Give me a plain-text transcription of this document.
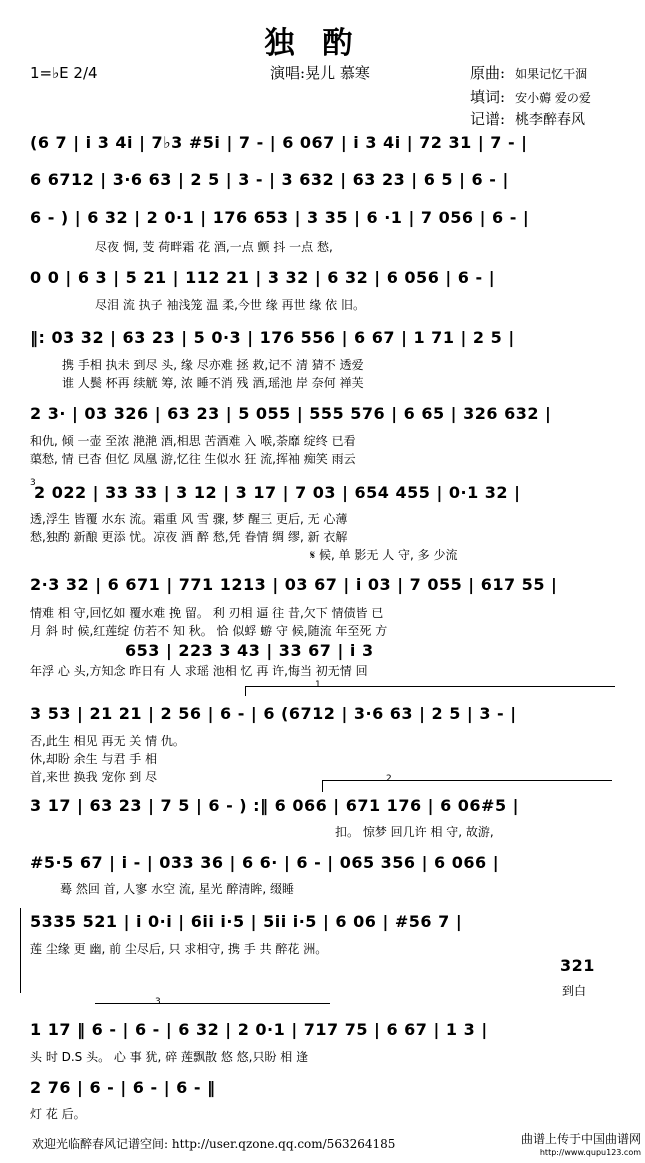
独酌
1=♭E 2/4	演唱:晃儿 慕寒	原曲: 如果记忆干涸
填词: 安小薅 爱の爱
记谱: 桃李醉春风
(6 7 | i 3 4i | 7♭3 #5i | 7 - | 6 067 | i 3 4i | 72 31 | 7 - |
6 6712 | 3·6 63 | 2 5 | 3 - | 3 632 | 63 23 | 6 5 | 6 - |
6 - ) | 6 32 | 2 0·1 | 176 653 | 3 35 | 6 ·1 | 7 056 | 6 - |
尽夜 惆, 芰 荷畔霜 花 酒,一点 颤 抖 一点 愁,
0 0 | 6 3 | 5 21 | 112 21 | 3 32 | 6 32 | 6 056 | 6 - |
尽泪 流 执子 袖浅笼 温 柔,今世 缘 再世 缘 依 旧。
‖: 03 32 | 63 23 | 5 0·3 | 176 556 | 6 67 | 1 71 | 2 5 |
携 手相 执未 到尽 头, 缘 尽亦难 拯 救,记不 清 猜不 透爱
谁 人鬓 杯再 续觥 筹, 浓 睡不消 残 酒,瑶池 岸 奈何 禅芙
2 3· | 03 326 | 63 23 | 5 055 | 555 576 | 6 65 | 326 632 |
和仇, 倾 一壶 至浓 滟滟 酒,相思 苦酒难 入 喉,荼靡 绽终 已看
蕖愁, 情 已杳 但忆 凤凰 游,忆往 生似水 狂 流,挥袖 痴笑 雨云
3
2 022 | 33 33 | 3 12 | 3 17 | 7 03 | 654 455 | 0·1 32 |
透,浮生 皆覆 水东 流。霜重 风 雪 骤, 梦 醒三 更后, 无 心薄
愁,独酌 新酿 更添 忧。凉夜 酒 醉 愁,凭 眷情 绸 缪, 新 衣解
𝄋 候, 单 影无 人 守, 多 少流
2·3 32 | 6 671 | 771 1213 | 03 67 | i 03 | 7 055 | 617 55 |
情难 相 守,回忆如 覆水难 挽 留。 利 刃相 逼 往 昔,欠下 情债皆 已
月 斜 时 候,红莲绽 仿若不 知 秋。 恰 似蜉 蝣 守 候,随流 年至死 方
653 | 223 3 43 | 33 67 | i 3
年浮 心 头,方知念 昨日有 人 求瑶 池相 忆 再 许,悔当 初无情 回
1
3 53 | 21 21 | 2 56 | 6 - | 6 (6712 | 3·6 63 | 2 5 | 3 - |
否,此生 相见 再无 关 情 仇。
休,却盼 余生 与君 手 相
首,来世 换我 宠你 到 尽	2
3 17 | 63 23 | 7 5 | 6 - ) :‖ 6 066 | 671 176 | 6 06#5 |
扣。 惊梦 回几许 相 守, 故游,
#5·5 67 | i - | 033 36 | 6 6· | 6 - | 065 356 | 6 066 |
蓦 然回 首, 人寥 水空 流, 星光 醉清眸, 缀睡
5335 521 | i 0·i | 6ii i·5 | 5ii i·5 | 6 06 | #56 7 |
莲 尘缘 更 幽, 前 尘尽后, 只 求相守, 携 手 共 醉花 洲。
321
到白
3
1 17 ‖ 6 - | 6 - | 6 32 | 2 0·1 | 717 75 | 6 67 | 1 3 |
头 时 D.S 头。 心 事 犹, 碎 莲飘散 悠 悠,只盼 相 逢
2 76 | 6 - | 6 - | 6 - ‖
灯 花 后。
欢迎光临醉春风记谱空间: http://user.qzone.qq.com/563264185	曲谱上传于中国曲谱网
http://www.qupu123.com
